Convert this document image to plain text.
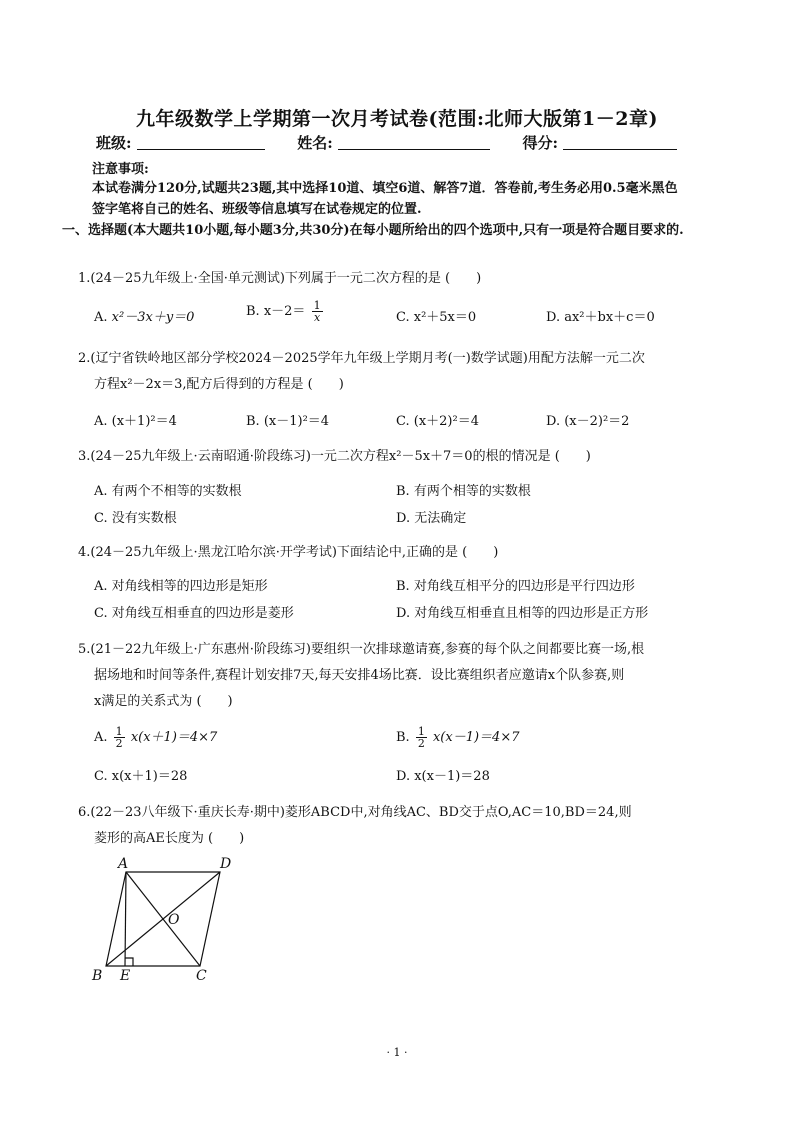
九年级数学上学期第一次月考试卷(范围:北师大版第1－2章)
班级:	姓名:	得分:
注意事项:
本试卷满分120分,试题共23题,其中选择10道、填空6道、解答7道．答卷前,考生务必用0.5毫米黑色
签字笔将自己的姓名、班级等信息填写在试卷规定的位置.
一、选择题(本大题共10小题,每小题3分,共30分)在每小题所给出的四个选项中,只有一项是符合题目要求的.
1.(24－25九年级上·全国·单元测试)下列属于一元二次方程的是 (　　)
A. x²－3x＋y＝0	B. $x-2= \frac{1}{x}$	C. x²＋5x＝0	D. ax²＋bx＋c＝0
2.(辽宁省铁岭地区部分学校2024－2025学年九年级上学期月考(一)数学试题)用配方法解一元二次
方程x²－2x＝3,配方后得到的方程是 (　　)
A. (x＋1)²＝4	B. (x－1)²＝4	C. (x＋2)²＝4	D. (x－2)²＝2
3.(24－25九年级上·云南昭通·阶段练习)一元二次方程x²－5x＋7＝0的根的情况是 (　　)
A. 有两个不相等的实数根	B. 有两个相等的实数根
C. 没有实数根	D. 无法确定
4.(24－25九年级上·黑龙江哈尔滨·开学考试)下面结论中,正确的是 (　　)
A. 对角线相等的四边形是矩形	B. 对角线互相平分的四边形是平行四边形
C. 对角线互相垂直的四边形是菱形	D. 对角线互相垂直且相等的四边形是正方形
5.(21－22九年级上·广东惠州·阶段练习)要组织一次排球邀请赛,参赛的每个队之间都要比赛一场,根
据场地和时间等条件,赛程计划安排7天,每天安排4场比赛．设比赛组织者应邀请x个队参赛,则
x满足的关系式为 (　　)
A. $\frac{1}{2} x(x+1)=4\times 7$	B. $\frac{1}{2} x(x-1)=4\times 7$
C. x(x＋1)＝28	D. x(x－1)＝28
6.(22－23八年级下·重庆长寿·期中)菱形ABCD中,对角线AC、BD交于点O,AC＝10,BD＝24,则
菱形的高AE长度为 (　　)
A	D
O
B E	C
· 1 ·
